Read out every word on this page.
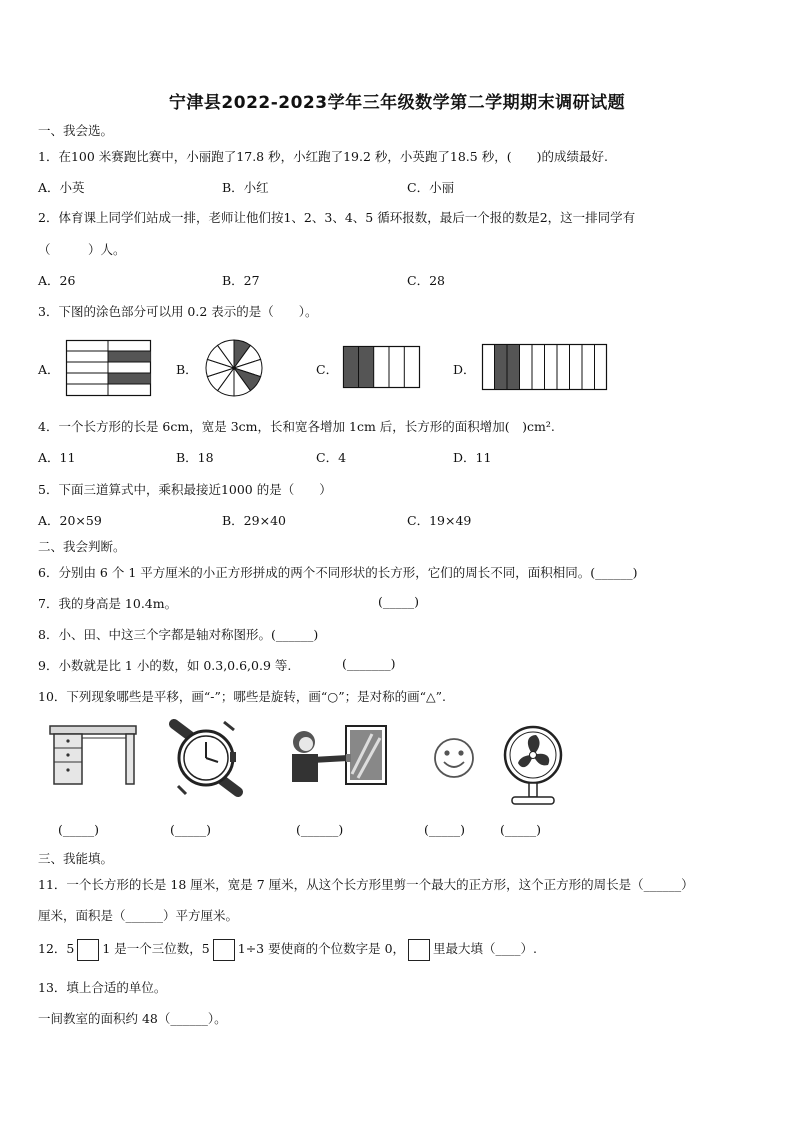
宁津县2022-2023学年三年级数学第二学期期末调研试题
一、我会选。
1．在100 米赛跑比赛中，小丽跑了17.8 秒，小红跑了19.2 秒，小英跑了18.5 秒，(　　)的成绩最好.
A．小英	B．小红	C．小丽
2．体育课上同学们站成一排，老师让他们按1、2、3、4、5 循环报数，最后一个报的数是2，这一排同学有
（　　　）人。
A．26	B．27	C．28
3．下图的涂色部分可以用 0.2 表示的是（　　）。
A．	B．	C．	D．
4．一个长方形的长是 6cm，宽是 3cm，长和宽各增加 1cm 后，长方形的面积增加(　)cm².
A．11	B．18	C．4	D．11
5．下面三道算式中，乘积最接近1000 的是（　　）
A．20×59	B．29×40	C．19×49
二、我会判断。
6．分别由 6 个 1 平方厘米的小正方形拼成的两个不同形状的长方形，它们的周长不同，面积相同。(______)
7．我的身高是 10.4m。	(_____)
8．小、田、中这三个字都是轴对称图形。(______)
9．小数就是比 1 小的数，如 0.3,0.6,0.9 等.	(_______)
10．下列现象哪些是平移，画“-”；哪些是旋转，画“○”；是对称的画“△”.
(_____)	(_____)	(______)	(_____)	(_____)
三、我能填。
11．一个长方形的长是 18 厘米，宽是 7 厘米，从这个长方形里剪一个最大的正方形，这个正方形的周长是（______）
厘米，面积是（______）平方厘米。
12．5 1 是一个三位数，5 1÷3 要使商的个位数字是 0， 里最大填（____）.
13．填上合适的单位。
一间教室的面积约 48（______）。
